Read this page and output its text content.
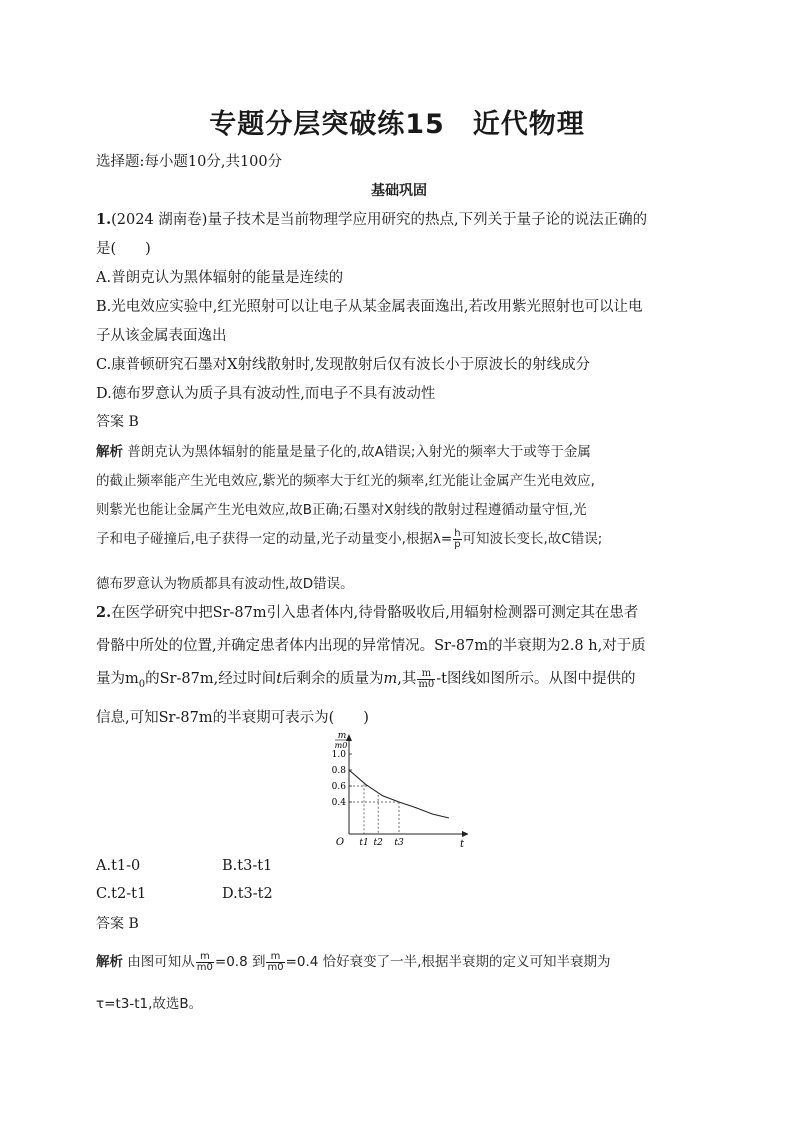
专题分层突破练15　近代物理
选择题:每小题10分,共100分
基础巩固
1.(2024 湖南卷)量子技术是当前物理学应用研究的热点,下列关于量子论的说法正确的
是(　　)
A.普朗克认为黑体辐射的能量是连续的
B.光电效应实验中,红光照射可以让电子从某金属表面逸出,若改用紫光照射也可以让电
子从该金属表面逸出
C.康普顿研究石墨对X射线散射时,发现散射后仅有波长小于原波长的射线成分
D.德布罗意认为质子具有波动性,而电子不具有波动性
答案 B
解析 普朗克认为黑体辐射的能量是量子化的,故A错误;入射光的频率大于或等于金属
的截止频率能产生光电效应,紫光的频率大于红光的频率,红光能让金属产生光电效应,
则紫光也能让金属产生光电效应,故B正确;石墨对X射线的散射过程遵循动量守恒,光
子和电子碰撞后,电子获得一定的动量,光子动量变小,根据$\lambda= \frac{h}{p}$ 可知波长变长,故C错误;
德布罗意认为物质都具有波动性,故D错误。
2.在医学研究中把Sr-87m引入患者体内,待骨骼吸收后,用辐射检测器可测定其在患者
骨骼中所处的位置,并确定患者体内出现的异常情况。Sr-87m的半衰期为2.8 h,对于质
量为$m_0$的Sr-87m,经过时间t后剩余的质量为m,其 $\frac{m}{m0} -t$图线如图所示。从图中提供的
信息,可知Sr-87m的半衰期可表示为(　　)
m
m0
1.0
0.8
0.6
0.4
t1 t2 t3
O	t
A.t1-0	B.t3-t1
C.t2-t1	D.t3-t2
答案 B
解析 由图可知从 $\frac{m}{m0} =0.8$ 到 $\frac{m}{m0} =0.4$ 恰好衰变了一半,根据半衰期的定义可知半衰期为
τ=t3-t1,故选B。
